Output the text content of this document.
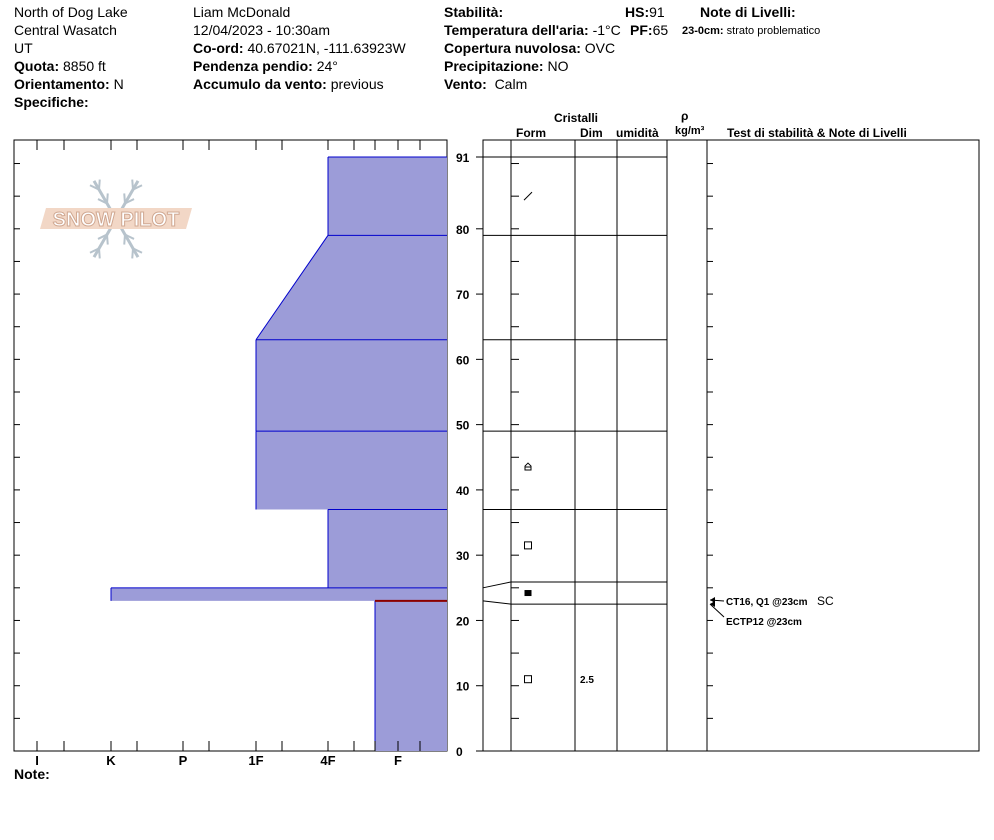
North of Dog Lake
Central Wasatch
UT
Quota: 8850 ft
Orientamento: N
Specifiche:
Liam McDonald
12/04/2023 - 10:30am
Co-ord: 40.67021N, -111.63923W
Pendenza pendio: 24°
Accumulo da vento: previous
Stabilità:
Temperatura dell'aria: -1°C
Copertura nuvolosa: OVC
Precipitazione: NO
Vento: Calm
HS:91
PF:65
Note di Livelli:
23-0cm: strato problematico
Cristalli
Form	Dim umidità
ρ
kg/m³ Test di stabilità & Note di Livelli
Note:
I	K	P	1F	4F	F
0
10
20
30
40
50
60
70
80
91
SNOW PILOT
2.5
CT16, Q1 @23cm SC
ECTP12 @23cm
